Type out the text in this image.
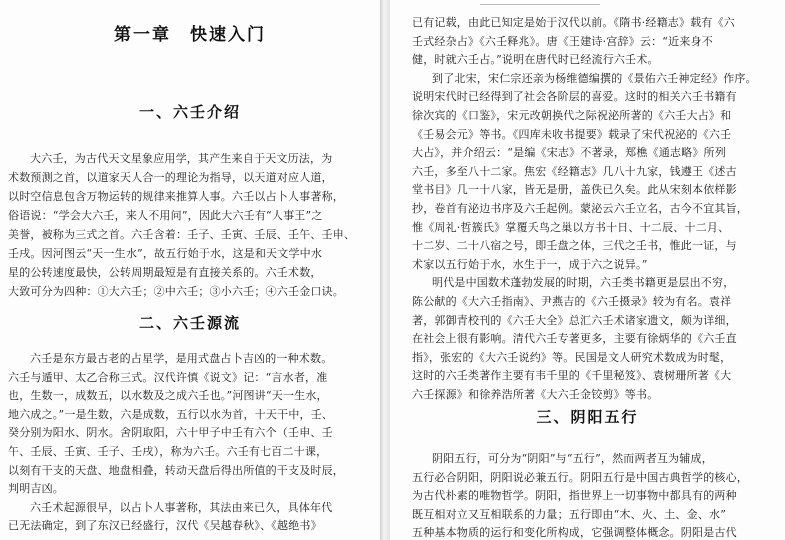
第一章　快速入门
一、六壬介绍
大六壬，为古代天文星象应用学，其产生来自于天文历法，为
术数预测之首，以道家天人合一的理论为指导，以天道对应人道，
以时空信息包含万物运转的规律来推算人事。六壬以占卜人事著称，
俗语说：“学会大六壬，来人不用问”，因此大六壬有“人事王”之
美誉，被称为三式之首。六壬含着：壬子、壬寅、壬辰、壬午、壬申、
壬戌。因河图云“天一生水”，故五行始于水，这是和天文学中水
星的公转速度最快，公转周期最短是有直接关系的。六壬术数，
大致可分为四种：①大六壬；②中六壬；③小六壬；④六壬金口诀。
二、六壬源流
六壬是东方最古老的占星学，是用式盘占卜吉凶的一种术数。
六壬与遁甲、太乙合称三式。汉代许慎《说文》记：“言水者，准
也，生数一，成数五，以水数及之成六壬也。”河图讲“天一生水，
地六成之。”一是生数，六是成数，五行以水为首，十天干中，壬、
癸分别为阳水、阴水。舍阴取阳，六十甲子中壬有六个（壬申、壬
午、壬辰、壬寅、壬子、壬戌），称为六壬。六壬有七百二十课，
以刻有干支的天盘、地盘相叠，转动天盘后得出所值的干支及时辰，
判明吉凶。
六壬术起源很早，以占卜人事著称，其法由来已久，具体年代
已无法确定，到了东汉已经盛行，汉代《吴越春秋》、《越绝书》
已有记载，由此已知定是始于汉代以前。《隋书·经籍志》载有《六
壬式经杂占》《六壬释兆》。唐《王建诗·宫辞》云：“近来身不
健，时就六壬占。”说明在唐代时已经流行六壬术。
到了北宋，宋仁宗还亲为杨维德编撰的《景佑六壬神定经》作序。
说明宋代时已经得到了社会各阶层的喜爱。这时的相关六壬书籍有
徐次宾的《口鉴》，宋元改朝换代之际祝泌所著的《六壬大占》和
《壬易会元》等书。《四库未收书提要》载录了宋代祝泌的《六壬
大占》，并介绍云：“是编《宋志》不著录，郑樵《通志略》所列
六壬，多至八十二家。焦宏《经籍志》几八十九家，钱遵王《述古
堂书目》几一十八家，皆无是册，盖佚已久矣。此从宋刻本依样影
抄，卷首有泌边书序及六壬起例。蒙泌云六壬立名，古今不宜其旨，
惟《周礼·哲簇氏》掌覆夭鸟之巢以方书十日、十二辰、十二月、
十二岁、二十八宿之号，即壬盘之体，三代之壬书，惟此一证，与
术家以五行始于水，水生于一，成于六之说异。”
明代是中国数术蓬勃发展的时期，六壬类书籍更是层出不穷，
陈公献的《大六壬指南》、尹燕吉的《六壬摄录》较为有名。袁祥
著，郭御青校刊的《六壬大全》总汇六壬术诸家遗文，颇为详细，
在社会上很有影响。清代六壬专著更多，主要有徐炳华的《六壬直
指》，张宏的《大六壬说约》等。民国是文人研究术数成为时髦，
这时的六壬类著作主要有韦千里的《千里秘笈》、袁树珊所著《大
六壬探源》和徐养浩所著《大六壬金铰剪》等书。
三、阴阳五行
阴阳五行，可分为“阴阳”与“五行”，然而两者互为辅成，
五行必合阴阳，阴阳说必兼五行。阴阳五行是中国古典哲学的核心，
为古代朴素的唯物哲学。阴阳，指世界上一切事物中都具有的两种
既互相对立又互相联系的力量；五行即由“木、火、土、金、水”
五种基本物质的运行和变化所构成，它强调整体概念。阴阳是古代
